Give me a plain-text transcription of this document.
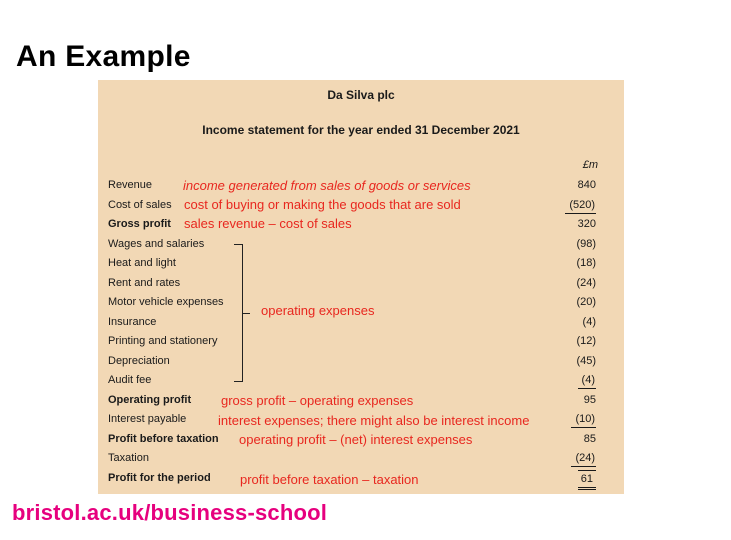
An Example
Da Silva plc
Income statement for the year ended 31 December 2021
£m
Revenue	840
Cost of sales	(520)
Gross profit	320
Wages and salaries	(98)
Heat and light	(18)
Rent and rates	(24)
Motor vehicle expenses	(20)
Insurance	(4)
Printing and stationery	(12)
Depreciation	(45)
Audit fee	(4)
Operating profit	95
Interest payable	(10)
Profit before taxation	85
Taxation	(24)
Profit for the period	61
income generated from sales of goods or services
cost of buying or making the goods that are sold
sales revenue – cost of sales
operating expenses
gross profit – operating expenses
interest expenses; there might also be interest income
operating profit – (net) interest expenses
profit before taxation – taxation
bristol.ac.uk/business-school
